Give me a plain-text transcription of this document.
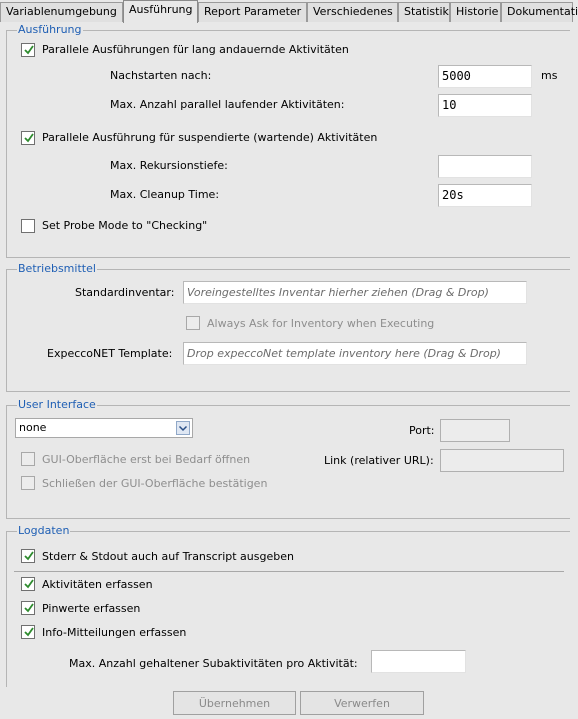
Variablenumgebung	Ausführung	Report Parameter	Verschiedenes	Statistik Historie Dokumentati
Ausführung
Parallele Ausführungen für lang andauernde Aktivitäten
Nachstarten nach:	5000	ms
Max. Anzahl parallel laufender Aktivitäten:	10
Parallele Ausführung für suspendierte (wartende) Aktivitäten
Max. Rekursionstiefe:
Max. Cleanup Time:	20s
Set Probe Mode to "Checking"
Betriebsmittel
Standardinventar:	Voreingestelltes Inventar hierher ziehen (Drag & Drop)
Always Ask for Inventory when Executing
ExpeccoNET Template:	Drop expeccoNet template inventory here (Drag & Drop)
User Interface
none	Port:
GUI-Oberfläche erst bei Bedarf öffnen	Link (relativer URL):
Schließen der GUI-Oberfläche bestätigen
Logdaten
Stderr & Stdout auch auf Transcript ausgeben
Aktivitäten erfassen
Pinwerte erfassen
Info-Mitteilungen erfassen
Max. Anzahl gehaltener Subaktivitäten pro Aktivität:
Übernehmen	Verwerfen
